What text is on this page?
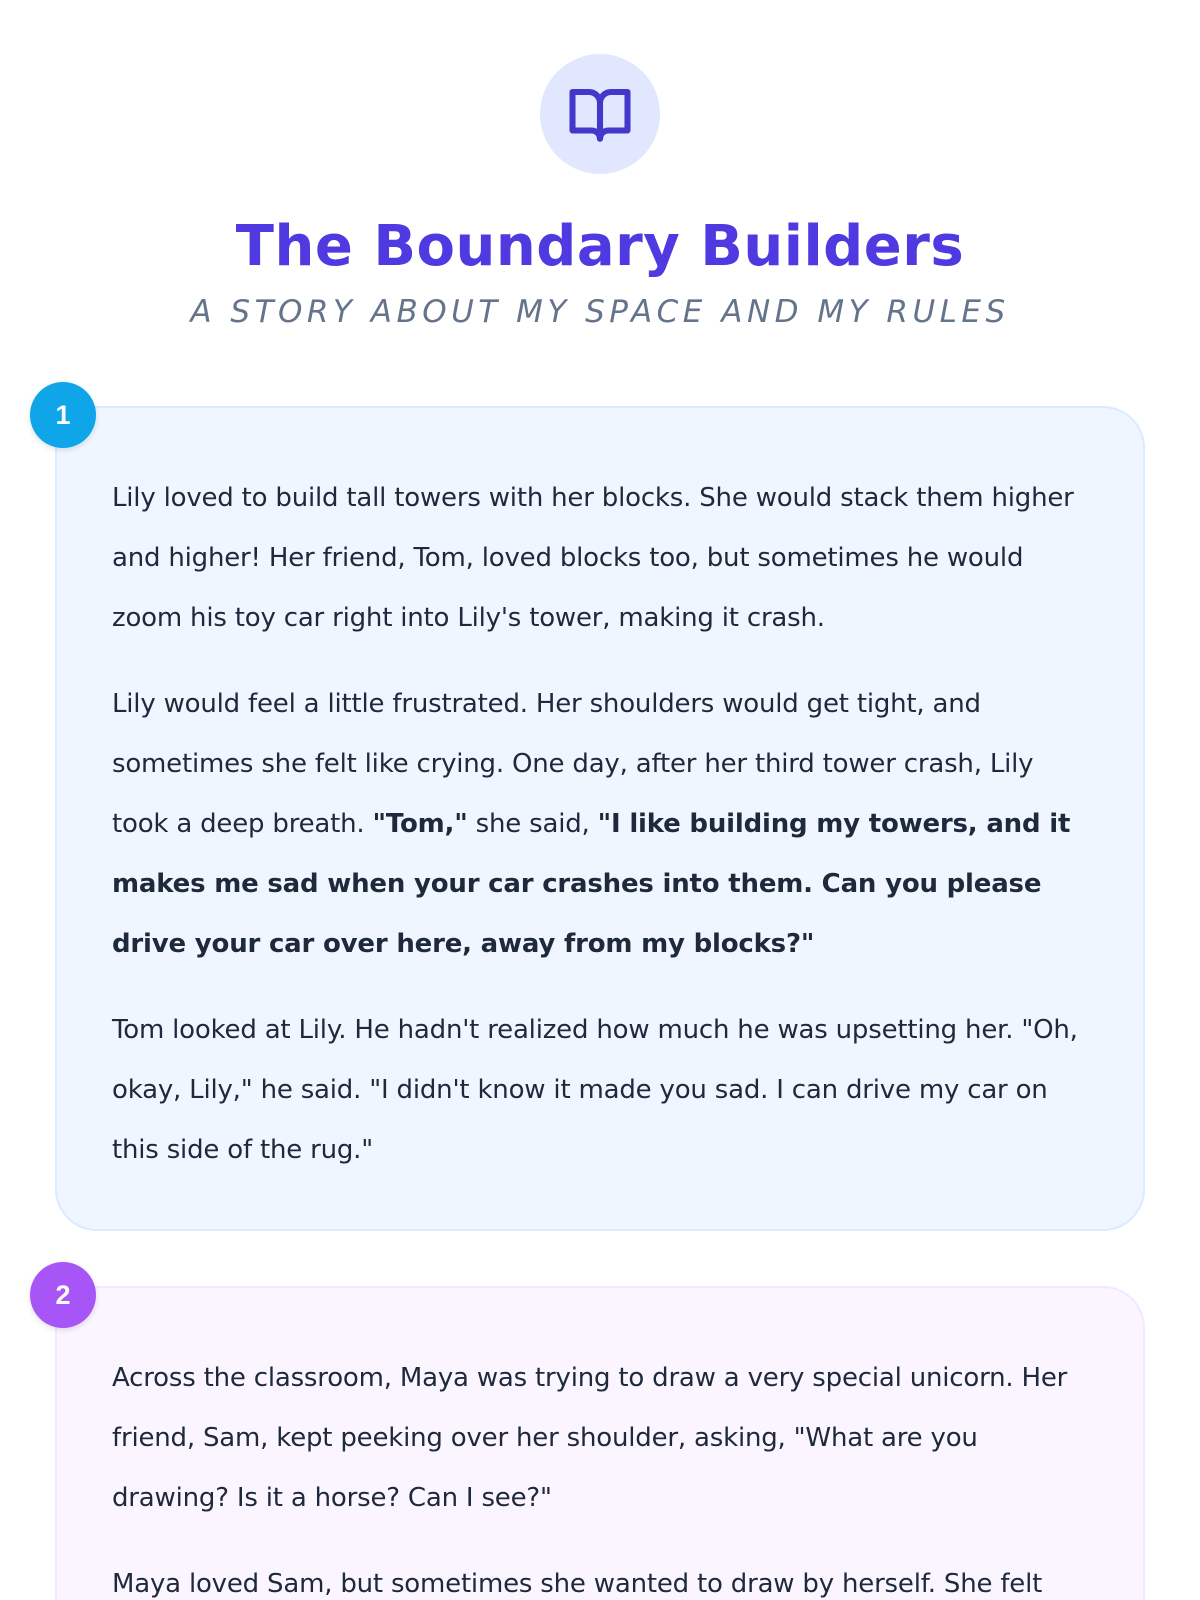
The Boundary Builders
A STORY ABOUT MY SPACE AND MY RULES

Lily loved to build tall towers with her blocks. She would stack them higher and higher! Her friend, Tom, loved blocks too, but sometimes he would zoom his toy car right into Lily's tower, making it crash.

Lily would feel a little frustrated. Her shoulders would get tight, and sometimes she felt like crying. One day, after her third tower crash, Lily took a deep breath. "Tom," she said, "I like building my towers, and it makes me sad when your car crashes into them. Can you please drive your car over here, away from my blocks?"

Tom looked at Lily. He hadn't realized how much he was upsetting her. "Oh, okay, Lily," he said. "I didn't know it made you sad. I can drive my car on this side of the rug."

1

Across the classroom, Maya was trying to draw a very special unicorn. Her friend, Sam, kept peeking over her shoulder, asking, "What are you drawing? Is it a horse? Can I see?"

Maya loved Sam, but sometimes she wanted to draw by herself. She felt

2
